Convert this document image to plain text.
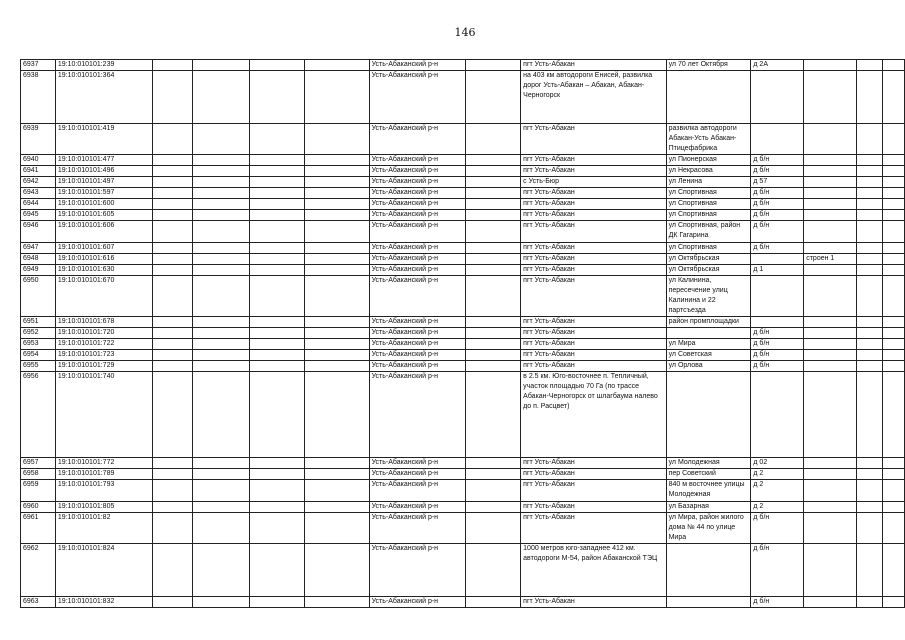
146
6937	19:10:010101:239					Усть-Абаканский р-н		пгт Усть-Абакан	ул 70 лет Октября	д 2А			
6938	19:10:010101:364					Усть-Абаканский р-н		на 403 км автодороги Енисей, развилка дорог Усть-Абакан – Абакан, Абакан-Черногорск					
6939	19:10:010101:419					Усть-Абаканский р-н		пгт Усть-Абакан	развилка автодороги Абакан-Усть Абакан-Птицефабрика				
6940	19:10:010101:477					Усть-Абаканский р-н		пгт Усть-Абакан	ул Пионерская	д б/н			
6941	19:10:010101:496					Усть-Абаканский р-н		пгт Усть-Абакан	ул Некрасова	д б/н			
6942	19:10:010101:497					Усть-Абаканский р-н		с Усть-Бюр	ул Ленина	д 57			
6943	19:10:010101:597					Усть-Абаканский р-н		пгт Усть-Абакан	ул Спортивная	д б/н			
6944	19:10:010101:600					Усть-Абаканский р-н		пгт Усть-Абакан	ул Спортивная	д б/н			
6945	19:10:010101:605					Усть-Абаканский р-н		пгт Усть-Абакан	ул Спортивная	д б/н			
6946	19:10:010101:606					Усть-Абаканский р-н		пгт Усть-Абакан	ул Спортивная, район ДК Гагарина	д б/н			
6947	19:10:010101:607					Усть-Абаканский р-н		пгт Усть-Абакан	ул Спортивная	д б/н			
6948	19:10:010101:616					Усть-Абаканский р-н		пгт Усть-Абакан	ул Октябрьская		строен 1		
6949	19:10:010101:630					Усть-Абаканский р-н		пгт Усть-Абакан	ул Октябрьская	д 1			
6950	19:10:010101:670					Усть-Абаканский р-н		пгт Усть-Абакан	ул Калинина, пересечение улиц Калинина и 22 партсъезда				
6951	19:10:010101:678					Усть-Абаканский р-н		пгт Усть-Абакан	район промплощадки				
6952	19:10:010101:720					Усть-Абаканский р-н		пгт Усть-Абакан		д б/н			
6953	19:10:010101:722					Усть-Абаканский р-н		пгт Усть-Абакан	ул Мира	д б/н			
6954	19:10:010101:723					Усть-Абаканский р-н		пгт Усть-Абакан	ул Советская	д б/н			
6955	19:10:010101:729					Усть-Абаканский р-н		пгт Усть-Абакан	ул Орлова	д б/н			
6956	19:10:010101:740					Усть-Абаканский р-н		в 2.5 км. Юго-восточнее п. Тепличный, участок площадью 70 Га (по трассе Абакан-Черногорск от шлагбаума налево до п. Расцвет)					
6957	19:10:010101:772					Усть-Абаканский р-н		пгт Усть-Абакан	ул Молодежная	д 02			
6958	19:10:010101:789					Усть-Абаканский р-н		пгт Усть-Абакан	пер Советский	д 2			
6959	19:10:010101:793					Усть-Абаканский р-н		пгт Усть-Абакан	840 м восточнее улицы Молодежная	д 2			
6960	19:10:010101:805					Усть-Абаканский р-н		пгт Усть-Абакан	ул Базарная	д 2			
6961	19:10:010101:82					Усть-Абаканский р-н		пгт Усть-Абакан	ул Мира, район жилого дома № 44 по улице Мира	д б/н			
6962	19:10:010101:824					Усть-Абаканский р-н		1000 метров юго-западнее 412 км. автодороги М-54, район Абаканской ТЭЦ		д б/н			
6963	19:10:010101:832					Усть-Абаканский р-н		пгт Усть-Абакан		д б/н			
